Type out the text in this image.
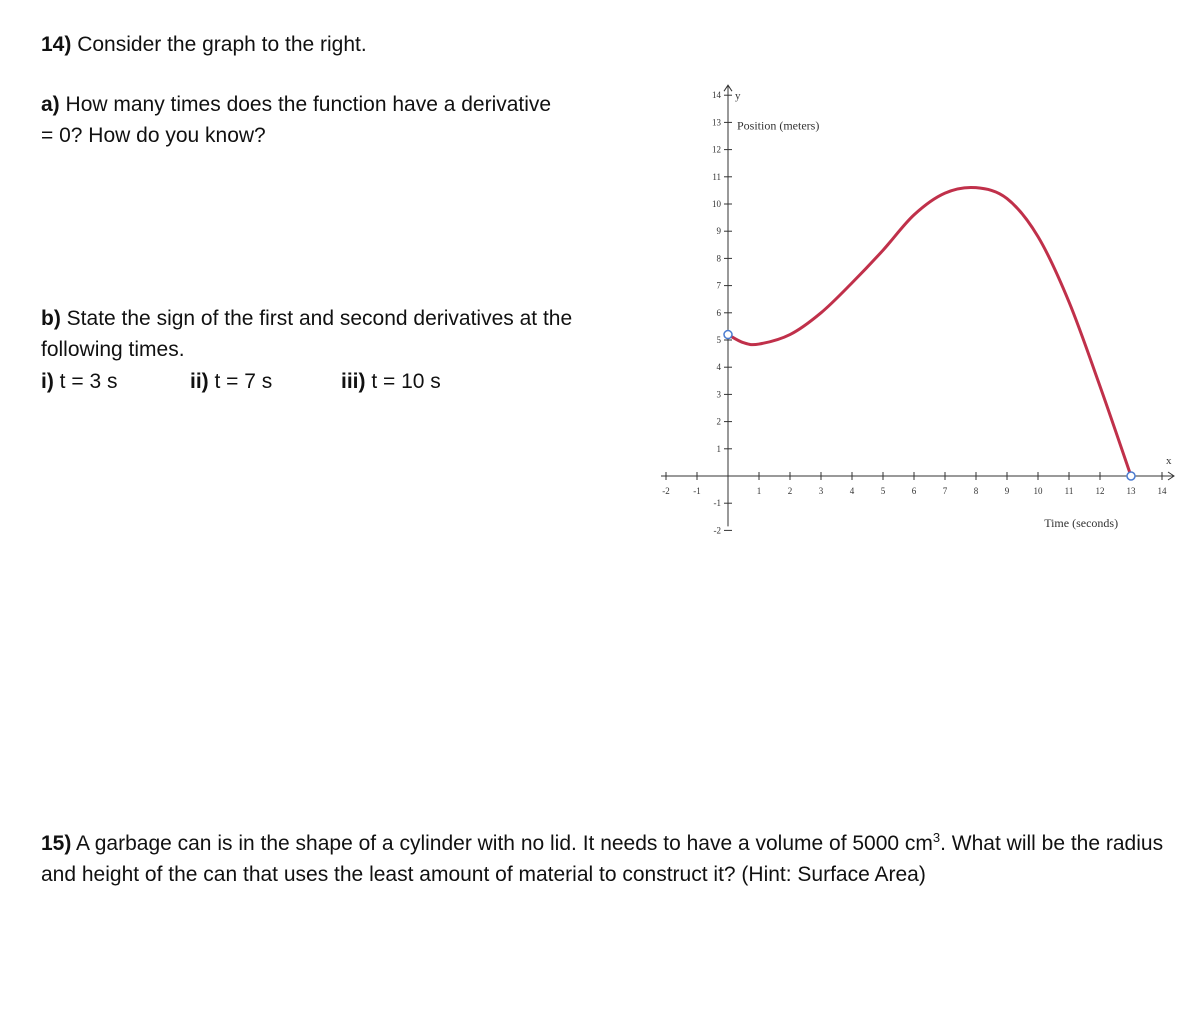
14) Consider the graph to the right.

a) How many times does the function have a derivative = 0? How do you know?

b) State the sign of the first and second derivatives at the following times.

i) t = 3 s	ii) t = 7 s	iii) t = 10 s
y
x
Position (meters)
Time (seconds)
-2	-1	1	2	3	4	5	6	7	8	9	10 11 12 13 14
14
13
12
11
10
9
8
7
6
5
4
3
2
1
-1
-2

15) A garbage can is in the shape of a cylinder with no lid. It needs to have a volume of 5000 $cm^3$. What will be the radius and height of the can that uses the least amount of material to construct it? (Hint: Surface Area)
